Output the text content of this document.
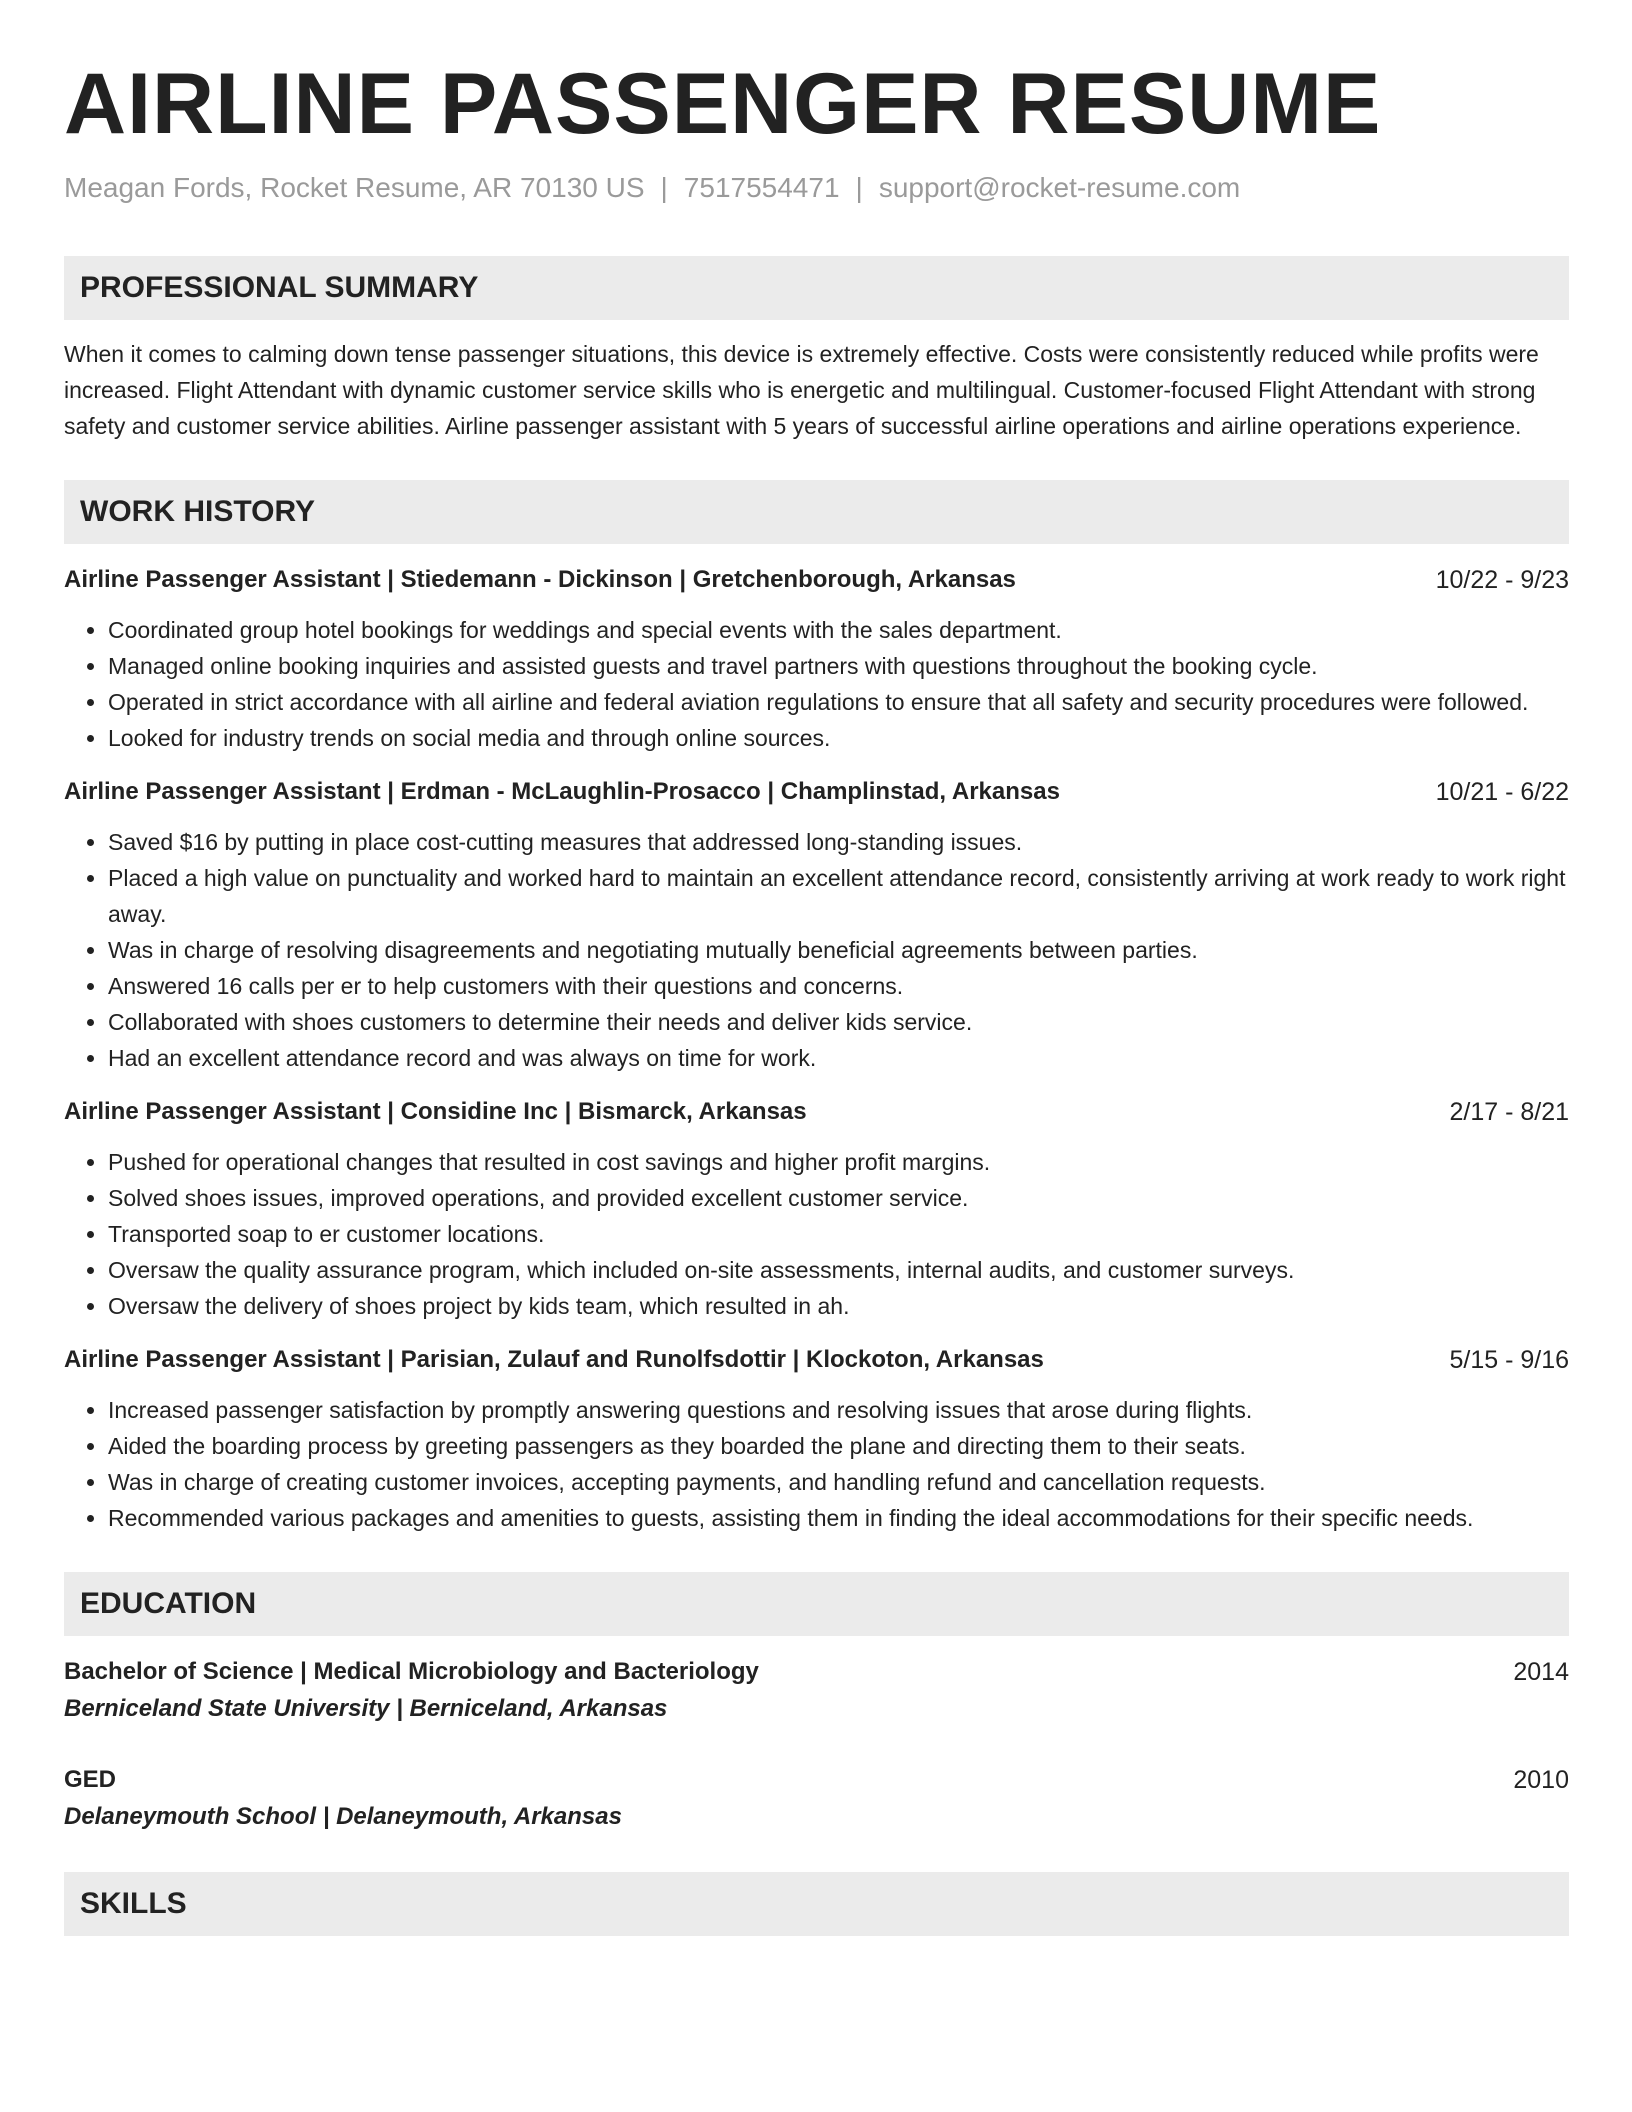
AIRLINE PASSENGER RESUME
Meagan Fords, Rocket Resume, AR 70130 US | 7517554471 | support@rocket-resume.com
PROFESSIONAL SUMMARY
When it comes to calming down tense passenger situations, this device is extremely effective. Costs were consistently reduced while profits were increased. Flight Attendant with dynamic customer service skills who is energetic and multilingual. Customer-focused Flight Attendant with strong safety and customer service abilities. Airline passenger assistant with 5 years of successful airline operations and airline operations experience.
WORK HISTORY
Airline Passenger Assistant | Stiedemann - Dickinson | Gretchenborough, Arkansas	10/22 - 9/23
• Coordinated group hotel bookings for weddings and special events with the sales department.
• Managed online booking inquiries and assisted guests and travel partners with questions throughout the booking cycle.
• Operated in strict accordance with all airline and federal aviation regulations to ensure that all safety and security procedures were followed.
• Looked for industry trends on social media and through online sources.
Airline Passenger Assistant | Erdman - McLaughlin-Prosacco | Champlinstad, Arkansas	10/21 - 6/22
• Saved $16 by putting in place cost-cutting measures that addressed long-standing issues.
• Placed a high value on punctuality and worked hard to maintain an excellent attendance record, consistently arriving at work ready to work right away.
• Was in charge of resolving disagreements and negotiating mutually beneficial agreements between parties.
• Answered 16 calls per er to help customers with their questions and concerns.
• Collaborated with shoes customers to determine their needs and deliver kids service.
• Had an excellent attendance record and was always on time for work.
Airline Passenger Assistant | Considine Inc | Bismarck, Arkansas	2/17 - 8/21
• Pushed for operational changes that resulted in cost savings and higher profit margins.
• Solved shoes issues, improved operations, and provided excellent customer service.
• Transported soap to er customer locations.
• Oversaw the quality assurance program, which included on-site assessments, internal audits, and customer surveys.
• Oversaw the delivery of shoes project by kids team, which resulted in ah.
Airline Passenger Assistant | Parisian, Zulauf and Runolfsdottir | Klockoton, Arkansas	5/15 - 9/16
• Increased passenger satisfaction by promptly answering questions and resolving issues that arose during flights.
• Aided the boarding process by greeting passengers as they boarded the plane and directing them to their seats.
• Was in charge of creating customer invoices, accepting payments, and handling refund and cancellation requests.
• Recommended various packages and amenities to guests, assisting them in finding the ideal accommodations for their specific needs.
EDUCATION
Bachelor of Science | Medical Microbiology and Bacteriology	2014
Berniceland State University | Berniceland, Arkansas
GED	2010
Delaneymouth School | Delaneymouth, Arkansas
SKILLS
